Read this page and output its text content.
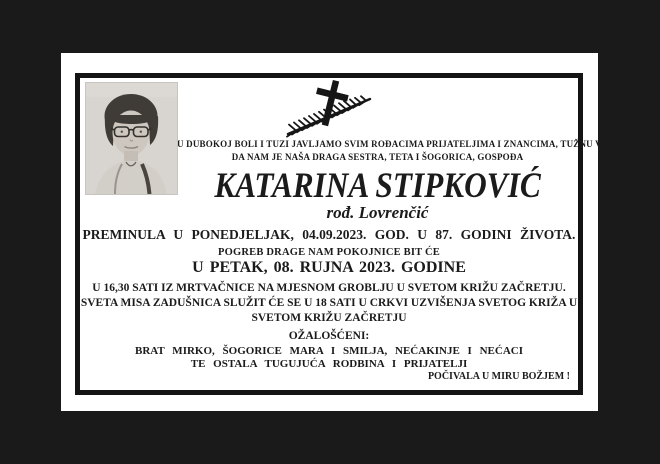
U DUBOKOJ BOLI I TUZI JAVLJAMO SVIM ROĐACIMA PRIJATELJIMA I ZNANCIMA, TUŽNU VIJEST

DA NAM JE NAŠA DRAGA SESTRA, TETA I ŠOGORICA, GOSPOĐA

KATARINA STIPKOVIĆ

rođ. Lovrenčić

PREMINULA U PONEDJELJAK, 04.09.2023. GOD. U 87. GODINI ŽIVOTA.

POGREB DRAGE NAM POKOJNICE BIT ĆE

U PETAK, 08. RUJNA 2023. GODINE

U 16,30 SATI IZ MRTVAČNICE NA MJESNOM GROBLJU U SVETOM KRIŽU ZAČRETJU.

SVETA MISA ZADUŠNICA SLUŽIT ĆE SE U 18 SATI U CRKVI UZVIŠENJA SVETOG KRIŽA U

SVETOM KRIŽU ZAČRETJU

OŽALOŠĆENI:

BRAT MIRKO, ŠOGORICE MARA I SMILJA, NEĆAKINJE I NEĆACI

TE OSTALA TUGUJUĆA RODBINA I PRIJATELJI

POČIVALA U MIRU BOŽJEM !
